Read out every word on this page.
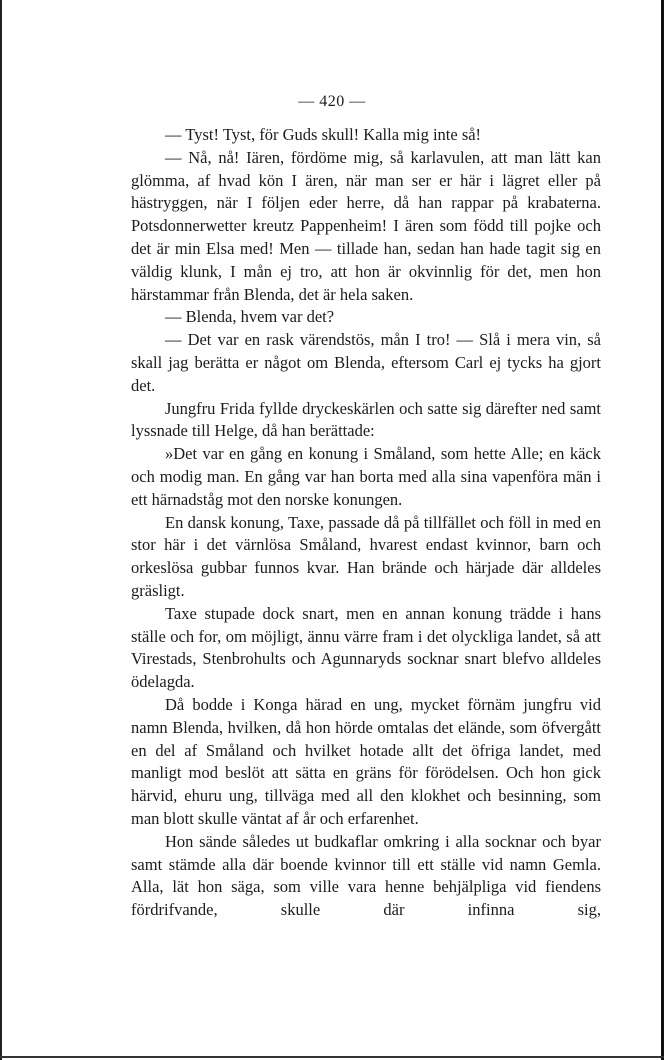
— 420 —

— Tyst! Tyst, för Guds skull! Kalla mig inte så!

— Nå, nå! Iären, fördöme mig, så karlavulen, att man lätt kan glömma, af hvad kön I ären, när man ser er här i lägret eller på hästryggen, när I följen eder herre, då han rappar på krabaterna. Potsdonnerwetter kreutz Pappenheim! I ären som född till pojke och det är min Elsa med! Men — tillade han, sedan han hade tagit sig en väldig klunk, I mån ej tro, att hon är okvinnlig för det, men hon härstammar från Blenda, det är hela saken.

— Blenda, hvem var det?

— Det var en rask värendstös, mån I tro! — Slå i mera vin, så skall jag berätta er något om Blenda, eftersom Carl ej tycks ha gjort det.

Jungfru Frida fyllde dryckeskärlen och satte sig därefter ned samt lyssnade till Helge, då han berättade:

»Det var en gång en konung i Småland, som hette Alle; en käck och modig man. En gång var han borta med alla sina vapenföra män i ett härnadståg mot den norske konungen.

En dansk konung, Taxe, passade då på tillfället och föll in med en stor här i det värnlösa Småland, hvarest endast kvinnor, barn och orkeslösa gubbar funnos kvar. Han brände och härjade där alldeles gräsligt.

Taxe stupade dock snart, men en annan konung trädde i hans ställe och for, om möjligt, ännu värre fram i det olyckliga landet, så att Virestads, Stenbrohults och Agunnaryds socknar snart blefvo alldeles ödelagda.

Då bodde i Konga härad en ung, mycket förnäm jungfru vid namn Blenda, hvilken, då hon hörde omtalas det elände, som öfvergått en del af Småland och hvilket hotade allt det öfriga landet, med manligt mod beslöt att sätta en gräns för förödelsen. Och hon gick härvid, ehuru ung, tillväga med all den klokhet och besinning, som man blott skulle väntat af år och erfarenhet.

Hon sände således ut budkaflar omkring i alla socknar och byar samt stämde alla där boende kvinnor till ett ställe vid namn Gemla. Alla, lät hon säga, som ville vara henne behjälpliga vid fiendens fördrifvande, skulle där infinna sig,
